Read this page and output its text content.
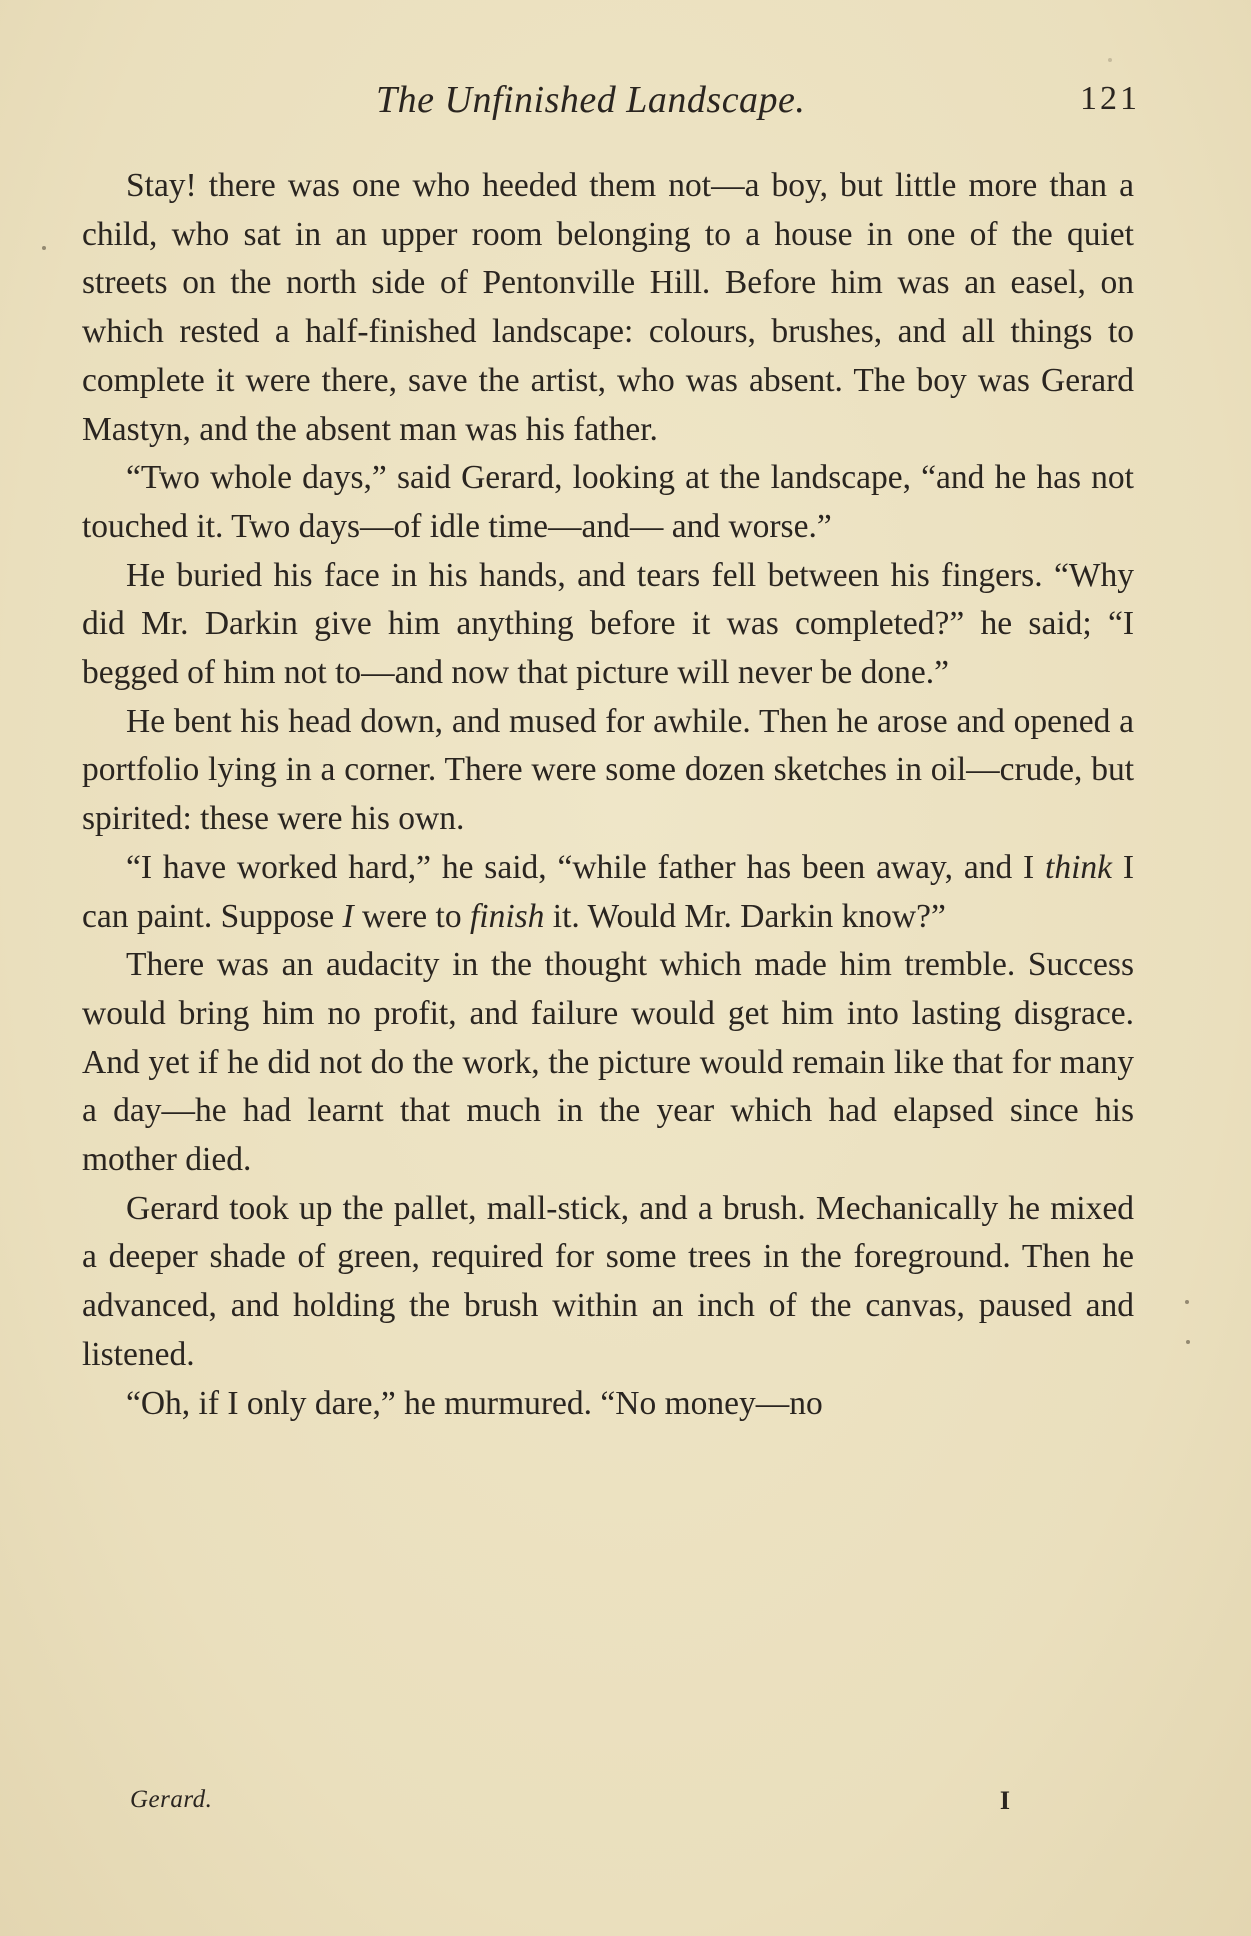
The Unfinished Landscape.	121

Stay! there was one who heeded them not—a boy, but little more than a child, who sat in an upper room belonging to a house in one of the quiet streets on the north side of Pentonville Hill. Before him was an easel, on which rested a half-finished landscape: colours, brushes, and all things to complete it were there, save the artist, who was absent. The boy was Gerard Mastyn, and the absent man was his father.

“Two whole days,” said Gerard, looking at the landscape, “and he has not touched it. Two days—of idle time—and— and worse.”

He buried his face in his hands, and tears fell between his fingers. “Why did Mr. Darkin give him anything before it was completed?” he said; “I begged of him not to—and now that picture will never be done.”

He bent his head down, and mused for awhile. Then he arose and opened a portfolio lying in a corner. There were some dozen sketches in oil—crude, but spirited: these were his own.

“I have worked hard,” he said, “while father has been away, and I think I can paint. Suppose I were to finish it. Would Mr. Darkin know?”

There was an audacity in the thought which made him tremble. Success would bring him no profit, and failure would get him into lasting disgrace. And yet if he did not do the work, the picture would remain like that for many a day—he had learnt that much in the year which had elapsed since his mother died.

Gerard took up the pallet, mall-stick, and a brush. Mechanically he mixed a deeper shade of green, required for some trees in the foreground. Then he advanced, and holding the brush within an inch of the canvas, paused and listened.

“Oh, if I only dare,” he murmured. “No money—no

Gerard.	I
